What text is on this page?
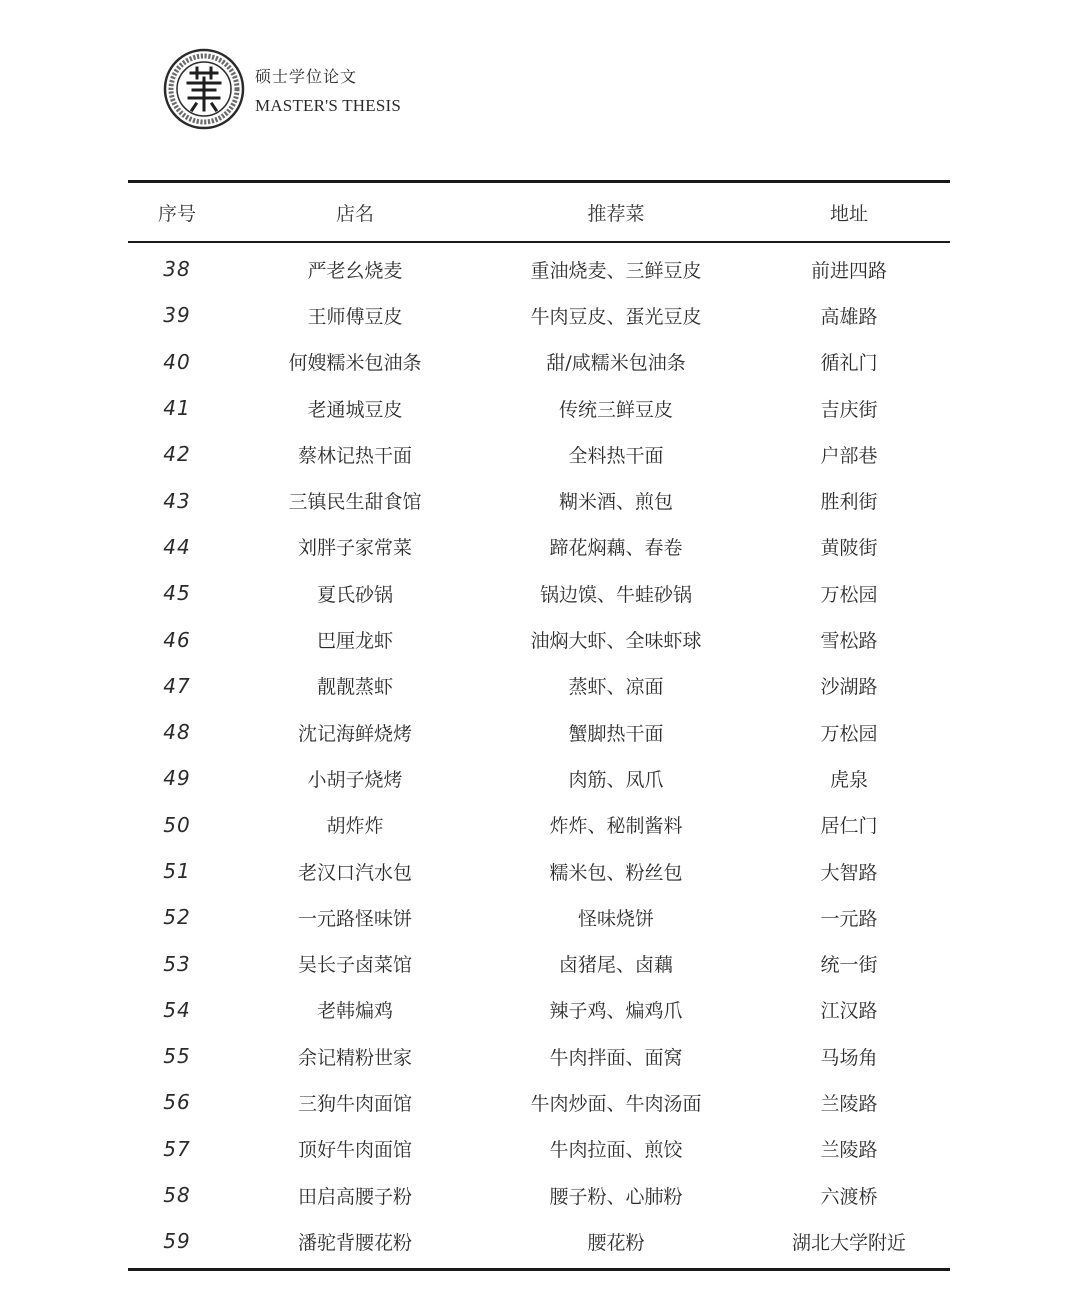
硕士学位论文
MASTER'S THESIS
序号	店名	推荐菜	地址
38	严老幺烧麦	重油烧麦、三鲜豆皮	前进四路
39	王师傅豆皮	牛肉豆皮、蛋光豆皮	高雄路
40	何嫂糯米包油条	甜/咸糯米包油条	循礼门
41	老通城豆皮	传统三鲜豆皮	吉庆街
42	蔡林记热干面	全料热干面	户部巷
43	三镇民生甜食馆	糊米酒、煎包	胜利街
44	刘胖子家常菜	蹄花焖藕、春卷	黄陂街
45	夏氏砂锅	锅边馍、牛蛙砂锅	万松园
46	巴厘龙虾	油焖大虾、全味虾球	雪松路
47	靓靓蒸虾	蒸虾、凉面	沙湖路
48	沈记海鲜烧烤	蟹脚热干面	万松园
49	小胡子烧烤	肉筋、凤爪	虎泉
50	胡炸炸	炸炸、秘制酱料	居仁门
51	老汉口汽水包	糯米包、粉丝包	大智路
52	一元路怪味饼	怪味烧饼	一元路
53	吴长子卤菜馆	卤猪尾、卤藕	统一街
54	老韩煸鸡	辣子鸡、煸鸡爪	江汉路
55	余记精粉世家	牛肉拌面、面窝	马场角
56	三狗牛肉面馆	牛肉炒面、牛肉汤面	兰陵路
57	顶好牛肉面馆	牛肉拉面、煎饺	兰陵路
58	田启高腰子粉	腰子粉、心肺粉	六渡桥
59	潘驼背腰花粉	腰花粉	湖北大学附近
